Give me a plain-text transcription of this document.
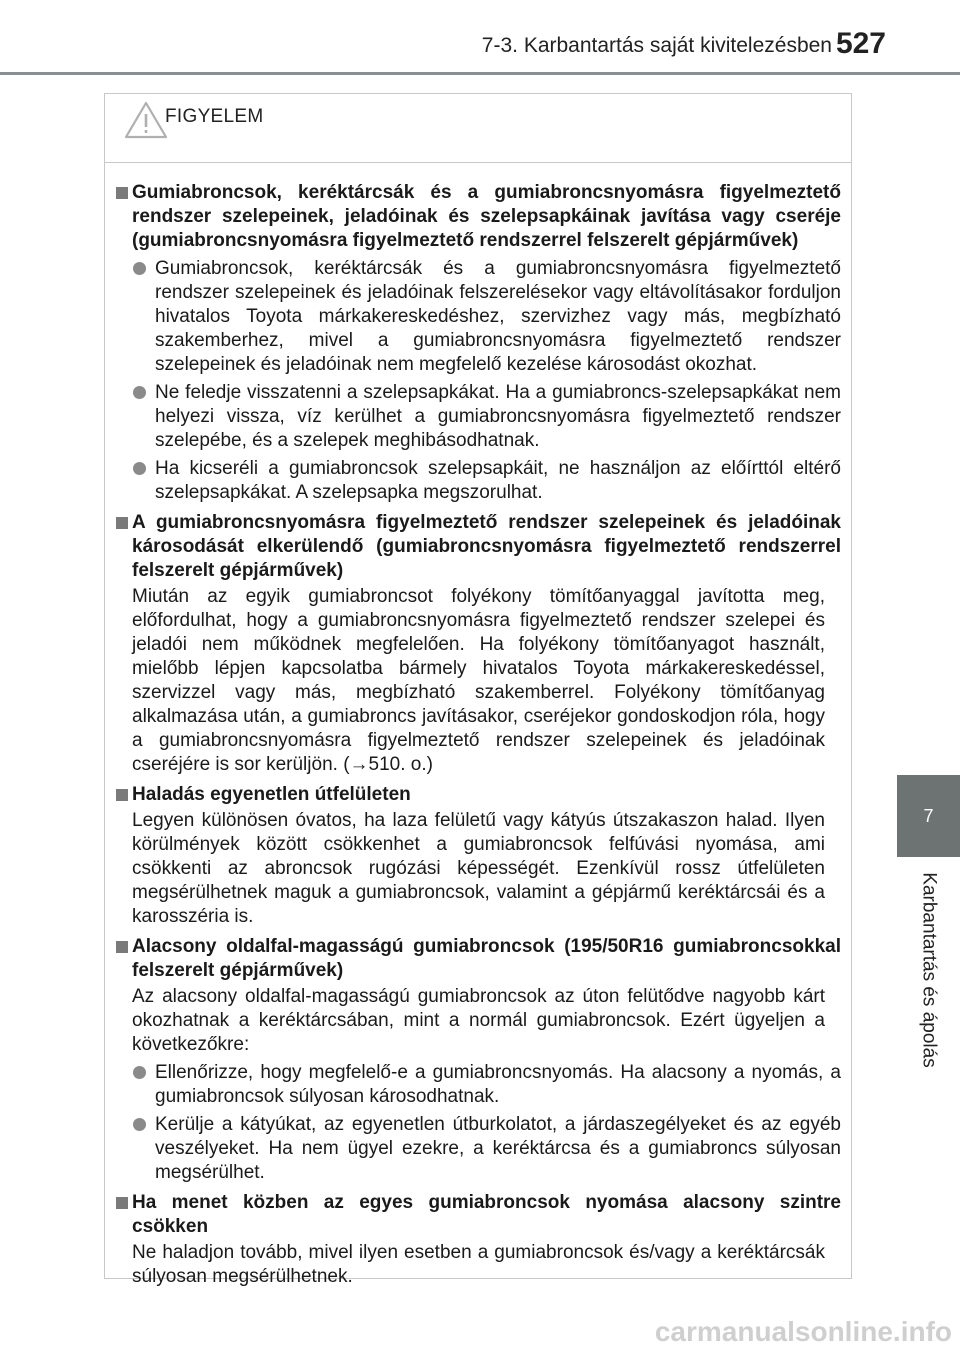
7-3. Karbantartás saját kivitelezésben 527
7
Karbantartás és ápolás
FIGYELEM
Gumiabroncsok, keréktárcsák és a gumiabroncsnyomásra figyelmeztető rendszer szelepeinek, jeladóinak és szelepsapkáinak javítása vagy cseréje (gumiabroncsnyomásra figyelmeztető rendszerrel felszerelt gépjárművek)
Gumiabroncsok, keréktárcsák és a gumiabroncsnyomásra figyelmeztető rendszer szelepeinek és jeladóinak felszerelésekor vagy eltávolításakor forduljon hivatalos Toyota márkakereskedéshez, szervizhez vagy más, megbízható szakemberhez, mivel a gumiabroncsnyomásra figyelmeztető rendszer szelepeinek és jeladóinak nem megfelelő kezelése károsodást okozhat.
Ne feledje visszatenni a szelepsapkákat. Ha a gumiabroncs-szelepsapkákat nem helyezi vissza, víz kerülhet a gumiabroncsnyomásra figyelmeztető rendszer szelepébe, és a szelepek meghibásodhatnak.
Ha kicseréli a gumiabroncsok szelepsapkáit, ne használjon az előírttól eltérő szelepsapkákat. A szelepsapka megszorulhat.
A gumiabroncsnyomásra figyelmeztető rendszer szelepeinek és jeladóinak károsodását elkerülendő (gumiabroncsnyomásra figyelmeztető rendszerrel felszerelt gépjárművek)
Miután az egyik gumiabroncsot folyékony tömítőanyaggal javította meg, előfordulhat, hogy a gumiabroncsnyomásra figyelmeztető rendszer szelepei és jeladói nem működnek megfelelően. Ha folyékony tömítőanyagot használt, mielőbb lépjen kapcsolatba bármely hivatalos Toyota márkakereskedéssel, szervizzel vagy más, megbízható szakemberrel. Folyékony tömítőanyag alkalmazása után, a gumiabroncs javításakor, cseréjekor gondoskodjon róla, hogy a gumiabroncsnyomásra figyelmeztető rendszer szelepeinek és jeladóinak cseréjére is sor kerüljön. (→510. o.)
Haladás egyenetlen útfelületen
Legyen különösen óvatos, ha laza felületű vagy kátyús útszakaszon halad. Ilyen körülmények között csökkenhet a gumiabroncsok felfúvási nyomása, ami csökkenti az abroncsok rugózási képességét. Ezenkívül rossz útfelületen megsérülhetnek maguk a gumiabroncsok, valamint a gépjármű keréktárcsái és a karosszéria is.
Alacsony oldalfal-magasságú gumiabroncsok (195/50R16 gumiabroncsokkal felszerelt gépjárművek)
Az alacsony oldalfal-magasságú gumiabroncsok az úton felütődve nagyobb kárt okozhatnak a keréktárcsában, mint a normál gumiabroncsok. Ezért ügyeljen a következőkre:
Ellenőrizze, hogy megfelelő-e a gumiabroncsnyomás. Ha alacsony a nyomás, a gumiabroncsok súlyosan károsodhatnak.
Kerülje a kátyúkat, az egyenetlen útburkolatot, a járdaszegélyeket és az egyéb veszélyeket. Ha nem ügyel ezekre, a keréktárcsa és a gumiabroncs súlyosan megsérülhet.
Ha menet közben az egyes gumiabroncsok nyomása alacsony szintre csökken
Ne haladjon tovább, mivel ilyen esetben a gumiabroncsok és/vagy a keréktárcsák súlyosan megsérülhetnek.
carmanualsonline.info
